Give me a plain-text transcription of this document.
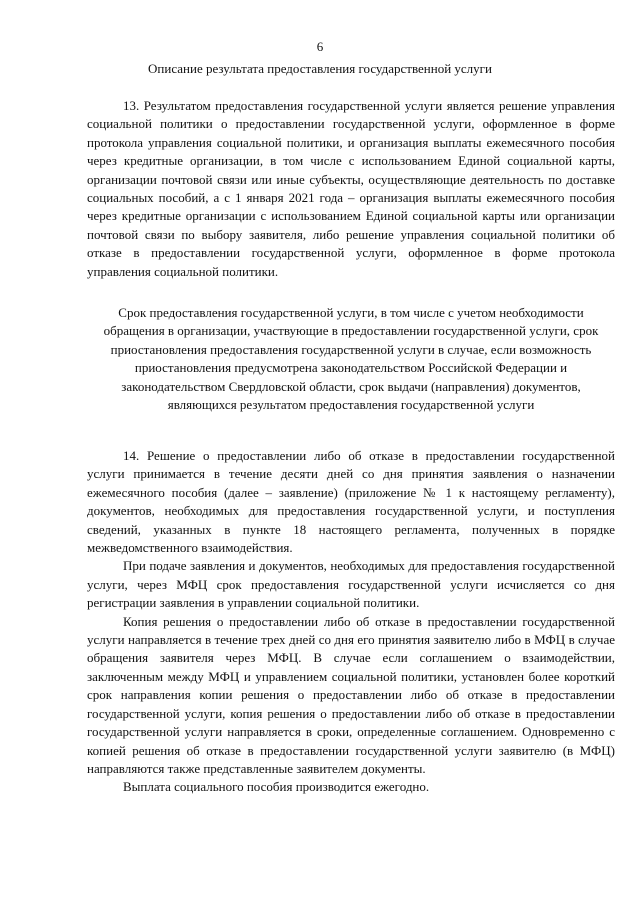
6
Описание результата предоставления государственной услуги

13. Результатом предоставления государственной услуги является решение управления социальной политики о предоставлении государственной услуги, оформленное в форме протокола управления социальной политики, и организация выплаты ежемесячного пособия через кредитные организации, в том числе с использованием Единой социальной карты, организации почтовой связи или иные субъекты, осуществляющие деятельность по доставке социальных пособий, а с 1 января 2021 года – организация выплаты ежемесячного пособия через кредитные организации с использованием Единой социальной карты или организации почтовой связи по выбору заявителя, либо решение управления социальной политики об отказе в предоставлении государственной услуги, оформленное в форме протокола управления социальной политики.

Срок предоставления государственной услуги, в том числе с учетом необходимости обращения в организации, участвующие в предоставлении государственной услуги, срок приостановления предоставления государственной услуги в случае, если возможность приостановления предусмотрена законодательством Российской Федерации и законодательством Свердловской области, срок выдачи (направления) документов, являющихся результатом предоставления государственной услуги

14. Решение о предоставлении либо об отказе в предоставлении государственной услуги принимается в течение десяти дней со дня принятия заявления о назначении ежемесячного пособия (далее – заявление) (приложение № 1 к настоящему регламенту), документов, необходимых для предоставления государственной услуги, и поступления сведений, указанных в пункте 18 настоящего регламента, полученных в порядке межведомственного взаимодействия.

При подаче заявления и документов, необходимых для предоставления государственной услуги, через МФЦ срок предоставления государственной услуги исчисляется со дня регистрации заявления в управлении социальной политики.

Копия решения о предоставлении либо об отказе в предоставлении государственной услуги направляется в течение трех дней со дня его принятия заявителю либо в МФЦ в случае обращения заявителя через МФЦ. В случае если соглашением о взаимодействии, заключенным между МФЦ и управлением социальной политики, установлен более короткий срок направления копии решения о предоставлении либо об отказе в предоставлении государственной услуги, копия решения о предоставлении либо об отказе в предоставлении государственной услуги направляется в сроки, определенные соглашением. Одновременно с копией решения об отказе в предоставлении государственной услуги заявителю (в МФЦ) направляются также представленные заявителем документы.

Выплата социального пособия производится ежегодно.
